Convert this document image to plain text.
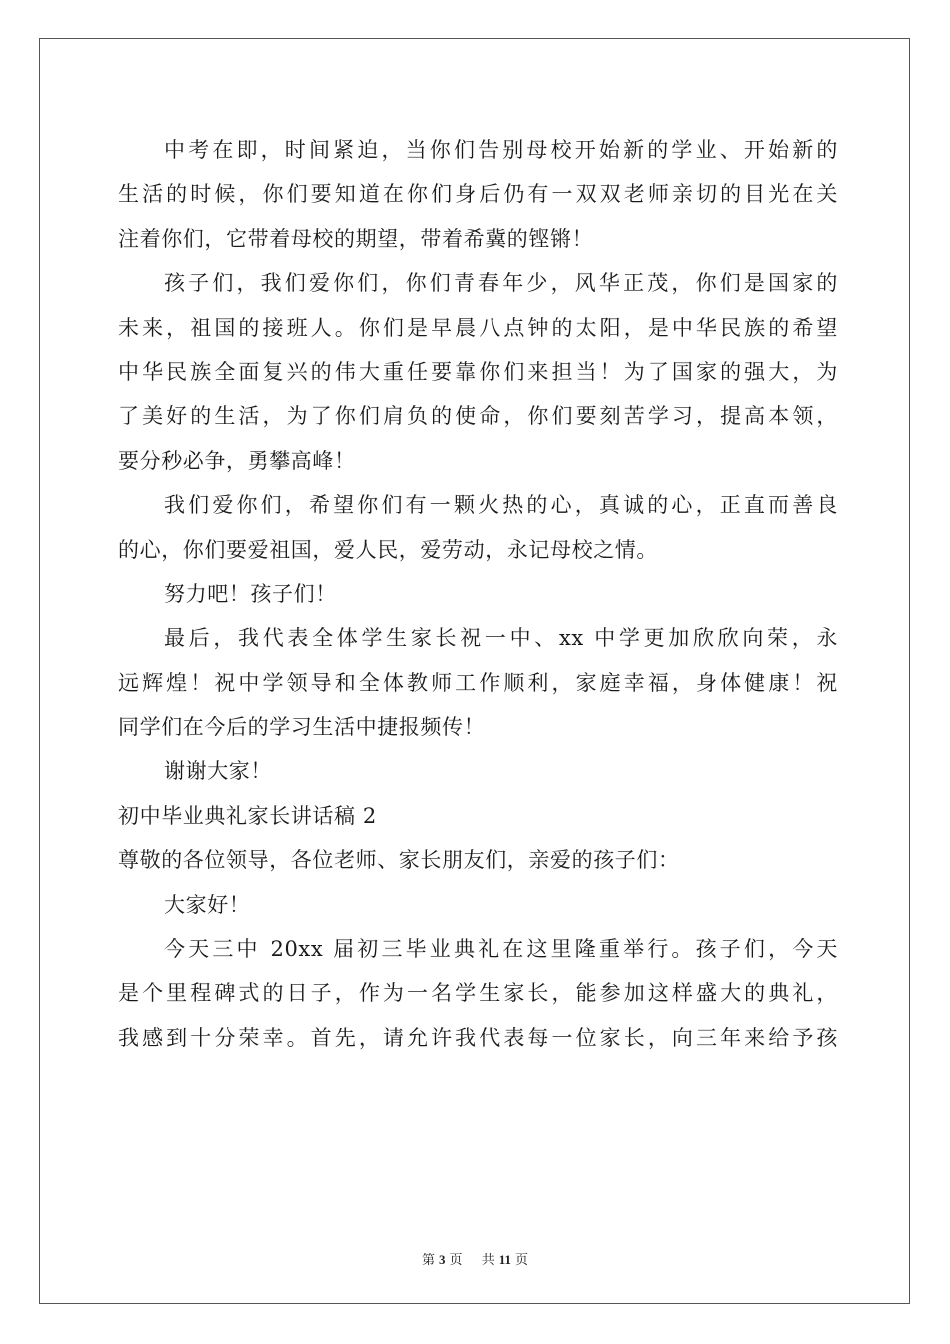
中考在即，时间紧迫，当你们告别母校开始新的学业、开始新的
生活的时候，你们要知道在你们身后仍有一双双老师亲切的目光在关
注着你们，它带着母校的期望，带着希冀的铿锵！
孩子们，我们爱你们，你们青春年少，风华正茂，你们是国家的
未来，祖国的接班人。你们是早晨八点钟的太阳，是中华民族的希望
中华民族全面复兴的伟大重任要靠你们来担当！为了国家的强大，为
了美好的生活，为了你们肩负的使命，你们要刻苦学习，提高本领，
要分秒必争，勇攀高峰！
我们爱你们，希望你们有一颗火热的心，真诚的心，正直而善良
的心，你们要爱祖国，爱人民，爱劳动，永记母校之情。
努力吧！孩子们！
最后，我代表全体学生家长祝一中、xx 中学更加欣欣向荣，永
远辉煌！祝中学领导和全体教师工作顺利，家庭幸福，身体健康！祝
同学们在今后的学习生活中捷报频传！
谢谢大家！
初中毕业典礼家长讲话稿 2
尊敬的各位领导，各位老师、家长朋友们，亲爱的孩子们：
大家好！
今天三中 20xx 届初三毕业典礼在这里隆重举行。孩子们，今天
是个里程碑式的日子，作为一名学生家长，能参加这样盛大的典礼，
我感到十分荣幸。首先，请允许我代表每一位家长，向三年来给予孩
第 3 页 共 11 页
